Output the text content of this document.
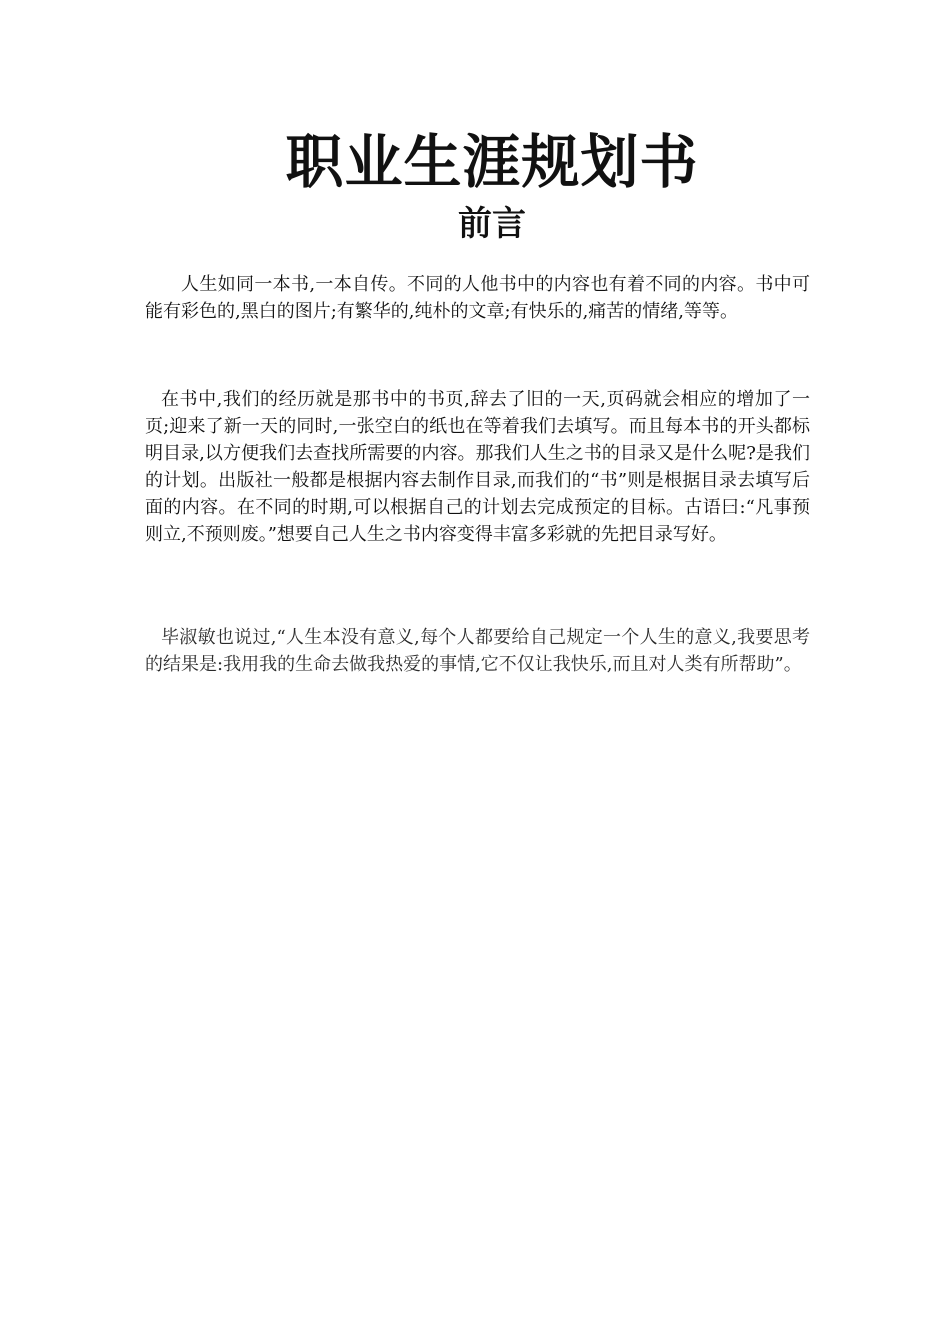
职业生涯规划书
前言

人生如同一本书,一本自传。不同的人他书中的内容也有着不同的内容。书中可能有彩色的,黑白的图片;有繁华的,纯朴的文章;有快乐的,痛苦的情绪,等等。

在书中,我们的经历就是那书中的书页,辞去了旧的一天,页码就会相应的增加了一页;迎来了新一天的同时,一张空白的纸也在等着我们去填写。而且每本书的开头都标明目录,以方便我们去查找所需要的内容。那我们人生之书的目录又是什么呢?是我们的计划。出版社一般都是根据内容去制作目录,而我们的“书”则是根据目录去填写后面的内容。在不同的时期,可以根据自己的计划去完成预定的目标。古语曰:“凡事预则立,不预则废。”想要自己人生之书内容变得丰富多彩就的先把目录写好。

毕淑敏也说过,“人生本没有意义,每个人都要给自己规定一个人生的意义,我要思考的结果是:我用我的生命去做我热爱的事情,它不仅让我快乐,而且对人类有所帮助”。
